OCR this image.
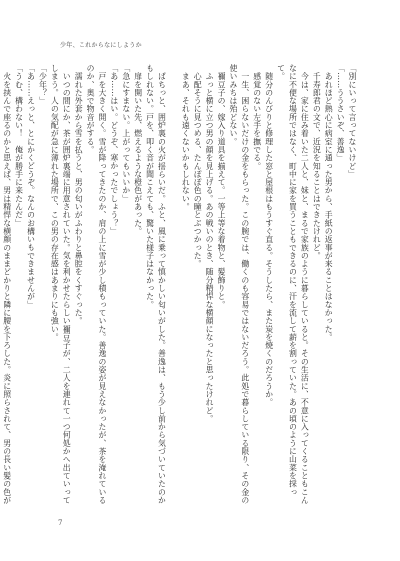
少年、これからなにしようか

「別にいって言ってないけど」

「……ううさいぞ、善逸」

　あれほど熱心に病室に通った男から、手紙の返事が来ることはなかった。

　千寿郎君の文で、近況を知ることはできたけれど。

　今は、家に住み着いた二人と、妹と、まるで家族のように暮らしていると。その生活に、不意に入ってくることもこんなに不便な場所ではなく、町中に家を買うこともできるのに、汗を流して薪を割っていた。あの頃のように山菜を採って。

　随分のんびりと修理した窓と屋根はもうすぐ直る。そうしたら、また炭を焼くのだろうか。

　感覚のない左手を撫でる。

　一生、困らないだけの金をもらった。この腕では、働くのも容易ではないだろう。此処で暮らしている限り、その金の使いみちは殆どない。

　禰豆子の、嫁入り道具を揃えて。一等上等な着物と、髪飾りと。

　ふっと横に立つ男の顔を見上げる。あの戦いのとき、随分精悍な横顔になったと思ったけれど。

　心配そうに見つめる、たんぽぽ色の瞳とぶつかった。

　まあ、それも遠くないかもしれない。

　ぱちっと、囲炉裏の火が揺らいだ。ふと、風に乗って慎かしい匂いがした。善逸は、もう少し前から気づいていたのかもしれない。戸を、叩く音が聞こえても、驚いた様子はなかった。

　扉を開いた先、燃えるような橙色があった。

「急にすまない。上がってもいいか」

「あ……はい。どうぞ、寒かったでしょう？」

　戸を大きく開く。雪が降ってきたのか、肩の上に雪が少し積もっていた。善逸の姿が見えなかったが、茶を淹れているのか、奥で物音がする。

　濡れた外套から雪を払うと、男の匂いがふわりと鼻腔をくすぐった。

　いつの間にか、茶が囲炉裏端に用意されていた。気を利かせたらしい禰豆子が、二人を連れて一つ何処かへ出ていってしまう。人の気配が急に薄れた場所で、この男の存在感はあまりにも強い。

「少年？」

「あ……えっと、とにかくどうぞ。なんのお構いもできませんが」

「うむ、構わない！　俺が勝手に来たんだ」

　火を挟んで座るのかと思えば、男は精悍な横顔のままどかりと隣に腰を下ろした。炎に照らされて、男の長い髪の色が

7
